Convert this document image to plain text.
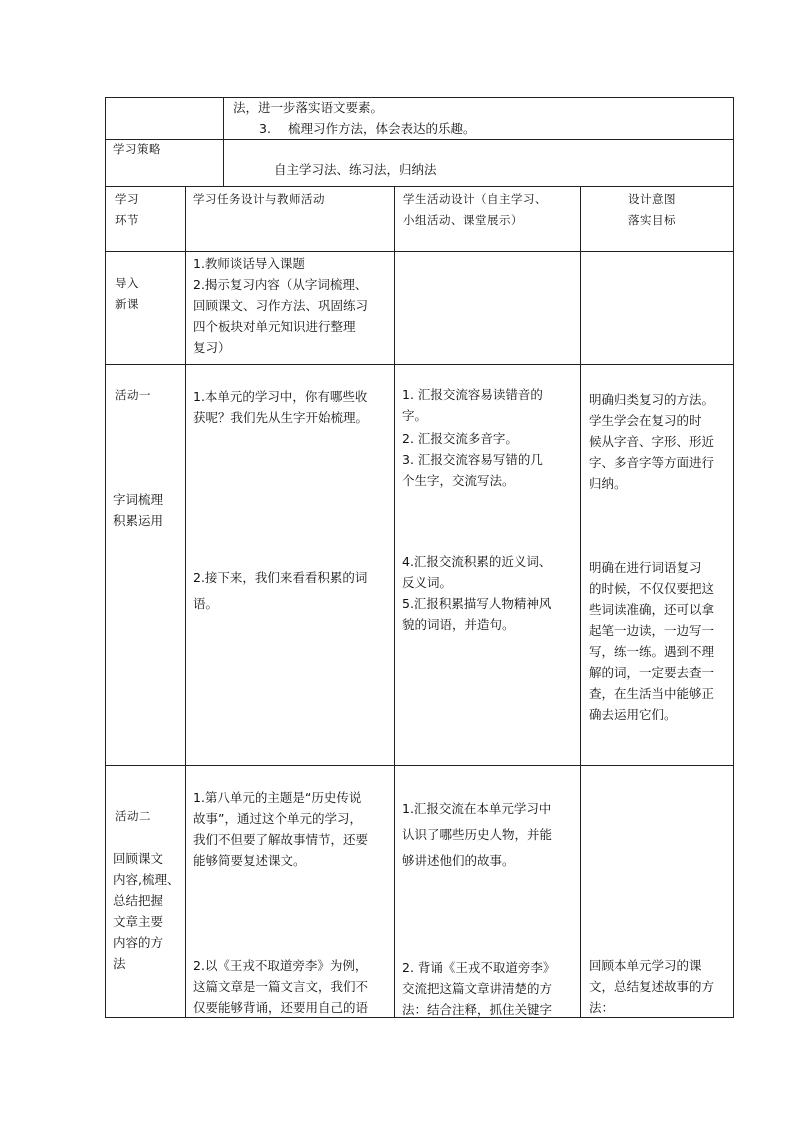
法，进一步落实语文要素。
3. 梳理习作方法，体会表达的乐趣。
学习策略
自主学习法、练习法，归纳法
学习
环节
学习任务设计与教师活动	学生活动设计（自主学习、
小组活动、课堂展示）
设计意图
落实目标
导入
新课
1.教师谈话导入课题
2.揭示复习内容（从字词梳理、
回顾课文、习作方法、巩固练习
四个板块对单元知识进行整理
复习）
活动一
字词梳理
积累运用
1.本单元的学习中，你有哪些收
获呢？我们先从生字开始梳理。
2.接下来，我们来看看积累的词
语。
1. 汇报交流容易读错音的
字。
2. 汇报交流多音字。
3. 汇报交流容易写错的几
个生字，交流写法。
4.汇报交流积累的近义词、
反义词。
5.汇报积累描写人物精神风
貌的词语，并造句。
明确归类复习的方法。
学生学会在复习的时
候从字音、字形、形近
字、多音字等方面进行
归纳。
明确在进行词语复习
的时候，不仅仅要把这
些词读准确，还可以拿
起笔一边读，一边写一
写，练一练。遇到不理
解的词，一定要去查一
查，在生活当中能够正
确去运用它们。
活动二
回顾课文
内容,梳理、
总结把握
文章主要
内容的方
法
1.第八单元的主题是“历史传说
故事”，通过这个单元的学习，
我们不但要了解故事情节，还要
能够简要复述课文。
2.以《王戎不取道旁李》为例，
这篇文章是一篇文言文，我们不
仅要能够背诵，还要用自己的语
1.汇报交流在本单元学习中
认识了哪些历史人物，并能
够讲述他们的故事。
2. 背诵《王戎不取道旁李》
交流把这篇文章讲清楚的方
法：结合注释，抓住关键字
回顾本单元学习的课
文，总结复述故事的方
法：
